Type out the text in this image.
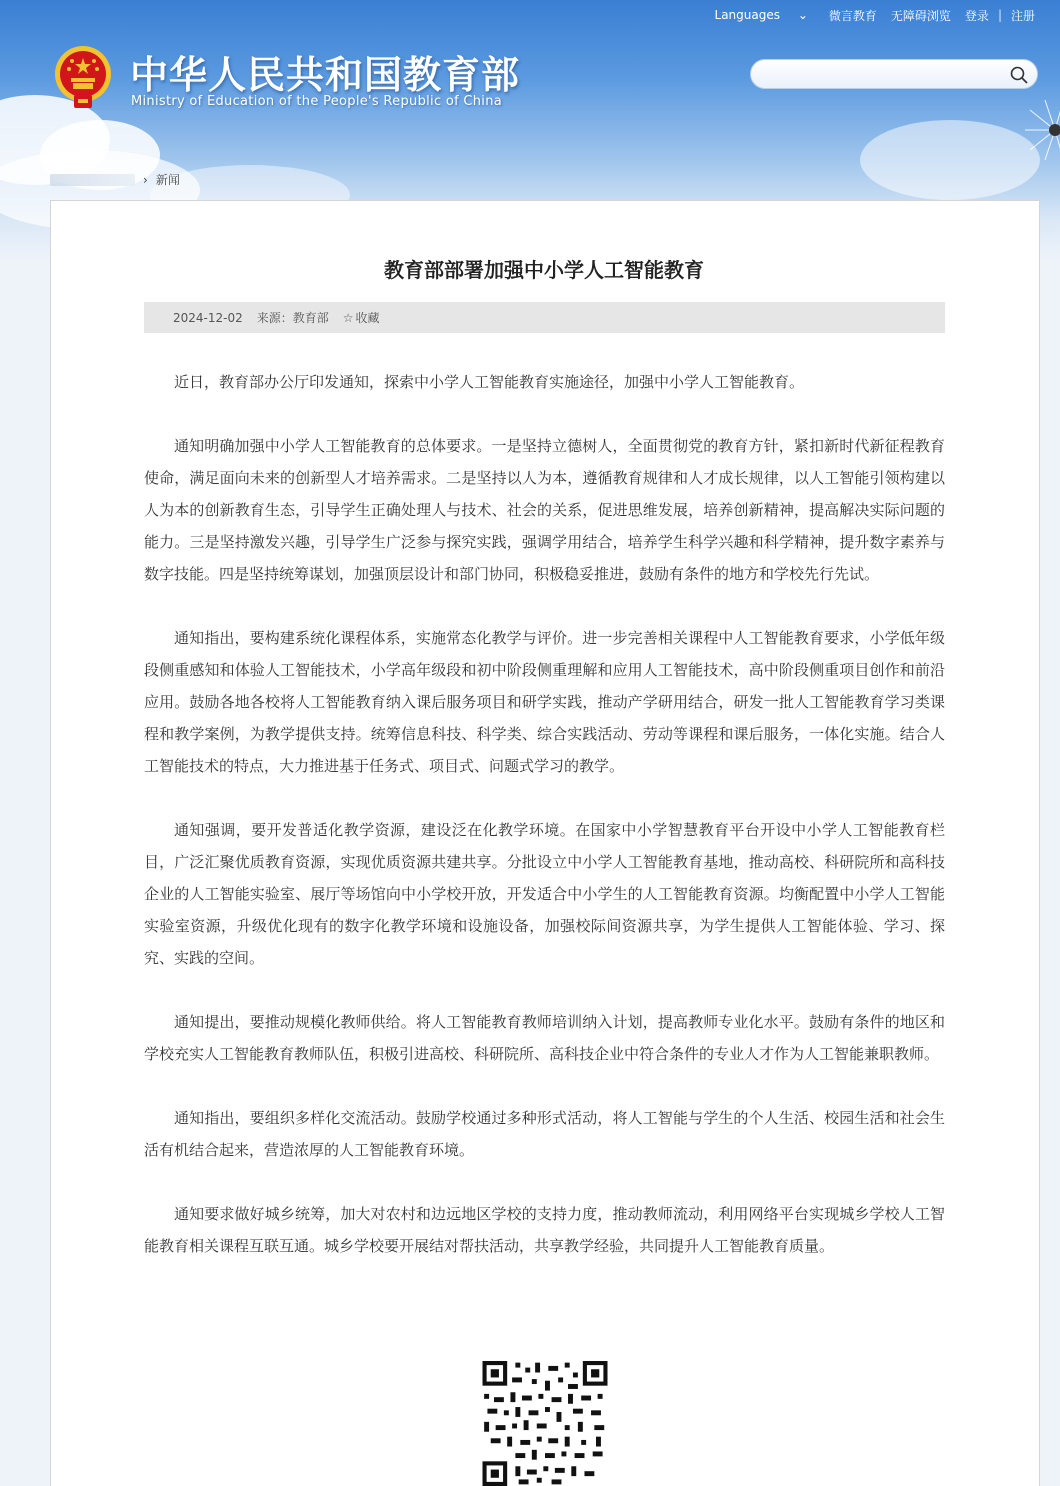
Languages ⌄	微言教育	无障碍浏览	登录 | 注册
中华人民共和国教育部
Ministry of Education of the People's Republic of China
› 新闻
教育部部署加强中小学人工智能教育
2024-12-02 来源：教育部 ☆ 收藏

近日，教育部办公厅印发通知，探索中小学人工智能教育实施途径，加强中小学人工智能教育。

通知明确加强中小学人工智能教育的总体要求。一是坚持立德树人，全面贯彻党的教育方针，紧扣新时代新征程教育使命，满足面向未来的创新型人才培养需求。二是坚持以人为本，遵循教育规律和人才成长规律，以人工智能引领构建以人为本的创新教育生态，引导学生正确处理人与技术、社会的关系，促进思维发展，培养创新精神，提高解决实际问题的能力。三是坚持激发兴趣，引导学生广泛参与探究实践，强调学用结合，培养学生科学兴趣和科学精神，提升数字素养与数字技能。四是坚持统筹谋划，加强顶层设计和部门协同，积极稳妥推进，鼓励有条件的地方和学校先行先试。

通知指出，要构建系统化课程体系，实施常态化教学与评价。进一步完善相关课程中人工智能教育要求，小学低年级段侧重感知和体验人工智能技术，小学高年级段和初中阶段侧重理解和应用人工智能技术，高中阶段侧重项目创作和前沿应用。鼓励各地各校将人工智能教育纳入课后服务项目和研学实践，推动产学研用结合，研发一批人工智能教育学习类课程和教学案例，为教学提供支持。统筹信息科技、科学类、综合实践活动、劳动等课程和课后服务，一体化实施。结合人工智能技术的特点，大力推进基于任务式、项目式、问题式学习的教学。

通知强调，要开发普适化教学资源，建设泛在化教学环境。在国家中小学智慧教育平台开设中小学人工智能教育栏目，广泛汇聚优质教育资源，实现优质资源共建共享。分批设立中小学人工智能教育基地，推动高校、科研院所和高科技企业的人工智能实验室、展厅等场馆向中小学校开放，开发适合中小学生的人工智能教育资源。均衡配置中小学人工智能实验室资源，升级优化现有的数字化教学环境和设施设备，加强校际间资源共享，为学生提供人工智能体验、学习、探究、实践的空间。

通知提出，要推动规模化教师供给。将人工智能教育教师培训纳入计划，提高教师专业化水平。鼓励有条件的地区和学校充实人工智能教育教师队伍，积极引进高校、科研院所、高科技企业中符合条件的专业人才作为人工智能兼职教师。

通知指出，要组织多样化交流活动。鼓励学校通过多种形式活动，将人工智能与学生的个人生活、校园生活和社会生活有机结合起来，营造浓厚的人工智能教育环境。

通知要求做好城乡统筹，加大对农村和边远地区学校的支持力度，推动教师流动，利用网络平台实现城乡学校人工智能教育相关课程互联互通。城乡学校要开展结对帮扶活动，共享教学经验，共同提升人工智能教育质量。
